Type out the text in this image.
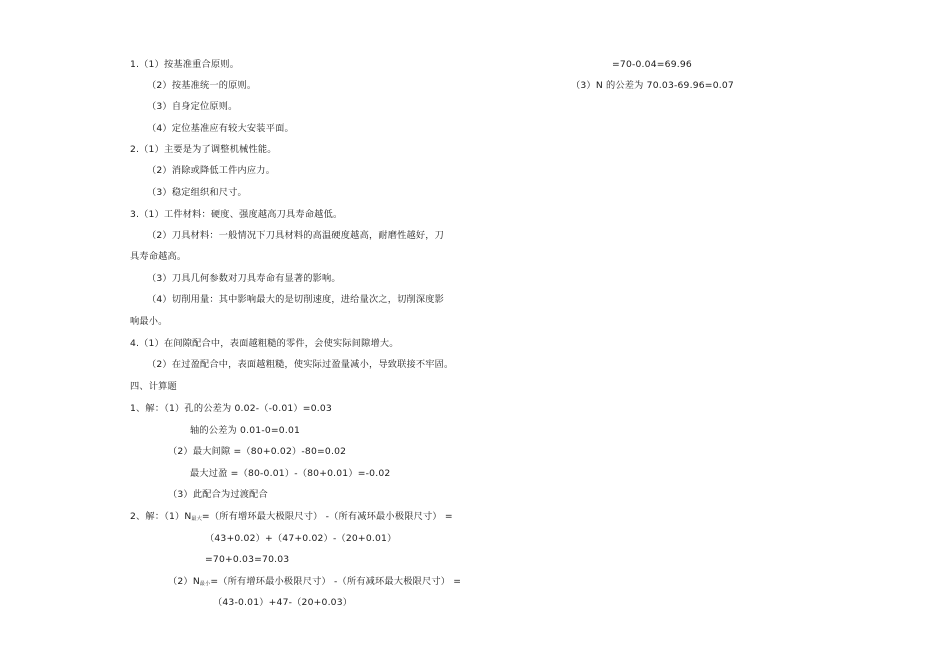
1.（1）按基准重合原则。
（2）按基准统一的原则。
（3）自身定位原则。
（4）定位基准应有较大安装平面。
2.（1）主要是为了调整机械性能。
（2）消除或降低工件内应力。
（3）稳定组织和尺寸。
3.（1）工件材料：硬度、强度越高刀具寿命越低。
（2）刀具材料：一般情况下刀具材料的高温硬度越高，耐磨性越好，刀
具寿命越高。
（3）刀具几何参数对刀具寿命有显著的影响。
（4）切削用量：其中影响最大的是切削速度，进给量次之，切削深度影
响最小。
4.（1）在间隙配合中，表面越粗糙的零件，会使实际间隙增大。
（2）在过盈配合中，表面越粗糙，使实际过盈量减小，导致联接不牢固。
四、计算题
1、解：（1）孔的公差为 0.02-（-0.01）=0.03
轴的公差为 0.01-0=0.01
（2）最大间隙 =（80+0.02）-80=0.02
最大过盈 =（80-0.01）-（80+0.01）=-0.02
（3）此配合为过渡配合
2、解：$(1)N_{最大}=$（所有增环最大极限尺寸） -（所有减环最小极限尺寸） =
（43+0.02）+（47+0.02）-（20+0.01）
=70+0.03=70.03
$(2)N_{最小}=$（所有增环最小极限尺寸） -（所有减环最大极限尺寸） =
（43-0.01）+47-（20+0.03）
=70-0.04=69.96
（3）N 的公差为 70.03-69.96=0.07
